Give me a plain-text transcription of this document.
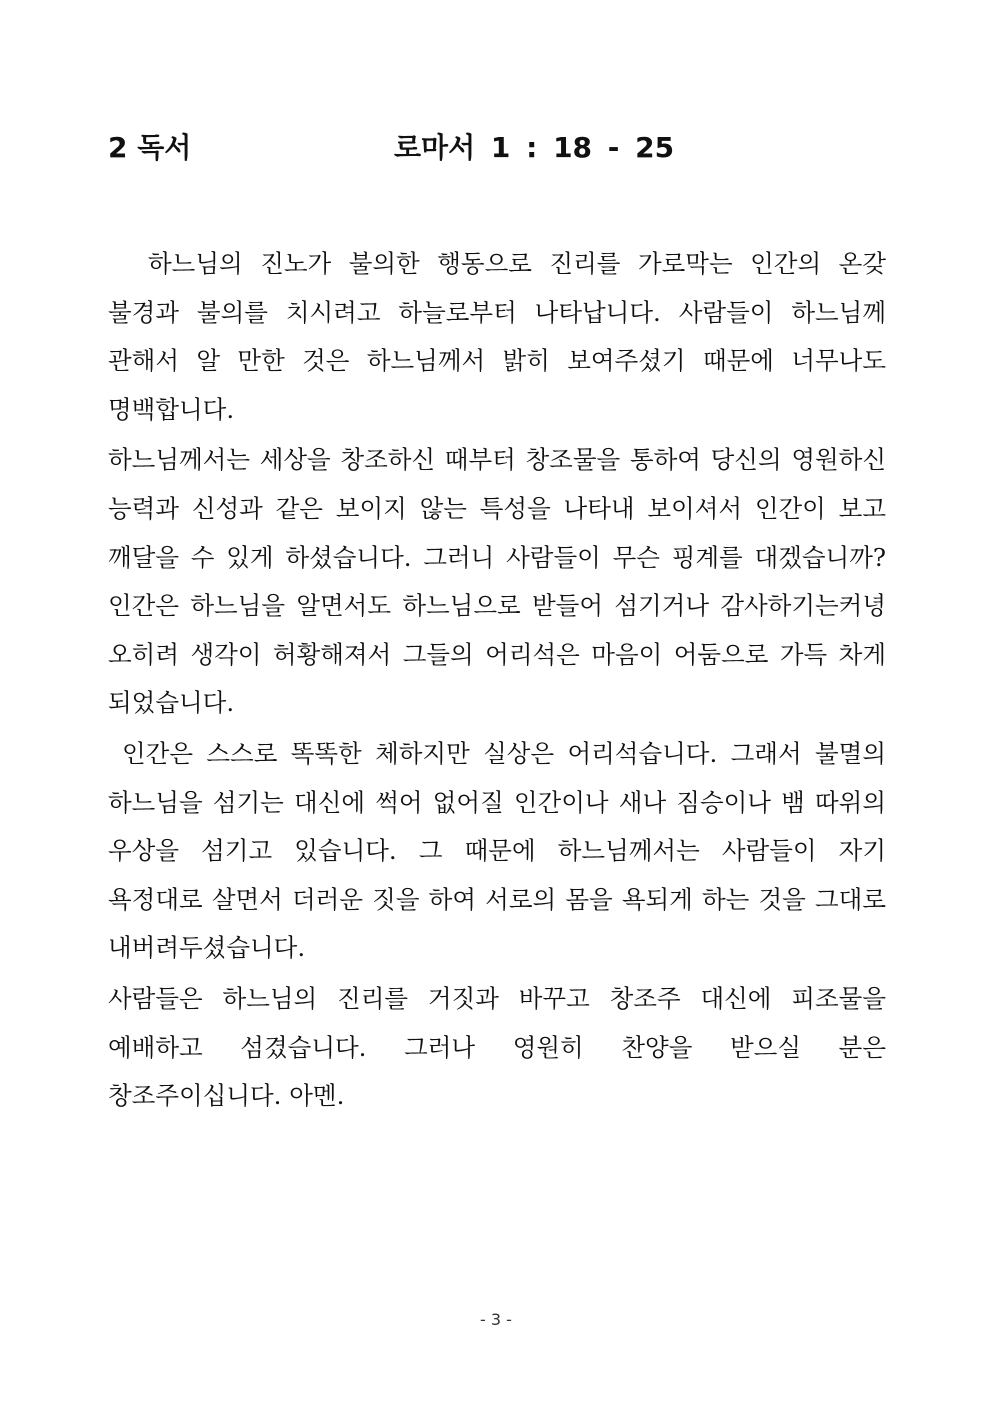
2 독서	로마서 1 : 18 - 25

하느님의 진노가 불의한 행동으로 진리를 가로막는 인간의 온갖 불경과 불의를 치시려고 하늘로부터 나타납니다. 사람들이 하느님께 관해서 알 만한 것은 하느님께서 밝히 보여주셨기 때문에 너무나도 명백합니다.

하느님께서는 세상을 창조하신 때부터 창조물을 통하여 당신의 영원하신 능력과 신성과 같은 보이지 않는 특성을 나타내 보이셔서 인간이 보고 깨달을 수 있게 하셨습니다. 그러니 사람들이 무슨 핑계를 대겠습니까? 인간은 하느님을 알면서도 하느님으로 받들어 섬기거나 감사하기는커녕 오히려 생각이 허황해져서 그들의 어리석은 마음이 어둠으로 가득 차게 되었습니다.

인간은 스스로 똑똑한 체하지만 실상은 어리석습니다. 그래서 불멸의 하느님을 섬기는 대신에 썩어 없어질 인간이나 새나 짐승이나 뱀 따위의 우상을 섬기고 있습니다. 그 때문에 하느님께서는 사람들이 자기 욕정대로 살면서 더러운 짓을 하여 서로의 몸을 욕되게 하는 것을 그대로 내버려두셨습니다.

사람들은 하느님의 진리를 거짓과 바꾸고 창조주 대신에 피조물을 예배하고 섬겼습니다. 그러나 영원히 찬양을 받으실 분은 창조주이십니다. 아멘.

- 3 -
